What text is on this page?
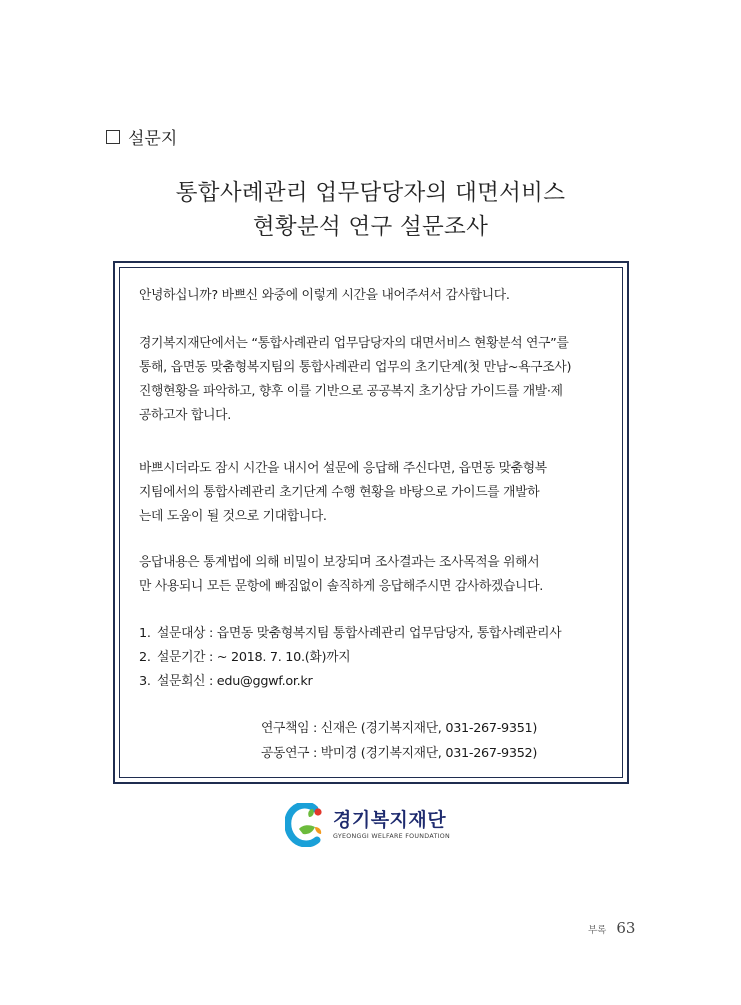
설문지
통합사례관리 업무담당자의 대면서비스
현황분석 연구 설문조사
안녕하십니까? 바쁘신 와중에 이렇게 시간을 내어주셔서 감사합니다.
경기복지재단에서는 “통합사례관리 업무담당자의 대면서비스 현황분석 연구”를
통해, 읍면동 맞춤형복지팀의 통합사례관리 업무의 초기단계(첫 만남~욕구조사)
진행현황을 파악하고, 향후 이를 기반으로 공공복지 초기상담 가이드를 개발·제
공하고자 합니다.
바쁘시더라도 잠시 시간을 내시어 설문에 응답해 주신다면, 읍면동 맞춤형복
지팀에서의 통합사례관리 초기단계 수행 현황을 바탕으로 가이드를 개발하
는데 도움이 될 것으로 기대합니다.
응답내용은 통계법에 의해 비밀이 보장되며 조사결과는 조사목적을 위해서
만 사용되니 모든 문항에 빠짐없이 솔직하게 응답해주시면 감사하겠습니다.
1. 설문대상 : 읍면동 맞춤형복지팀 통합사례관리 업무담당자, 통합사례관리사
2. 설문기간 : ~ 2018. 7. 10.(화)까지
3. 설문회신 : edu@ggwf.or.kr
연구책임 : 신재은 (경기복지재단, 031-267-9351)
공동연구 : 박미경 (경기복지재단, 031-267-9352)
경기복지재단
GYEONGGI WELFARE FOUNDATION
부록 63
